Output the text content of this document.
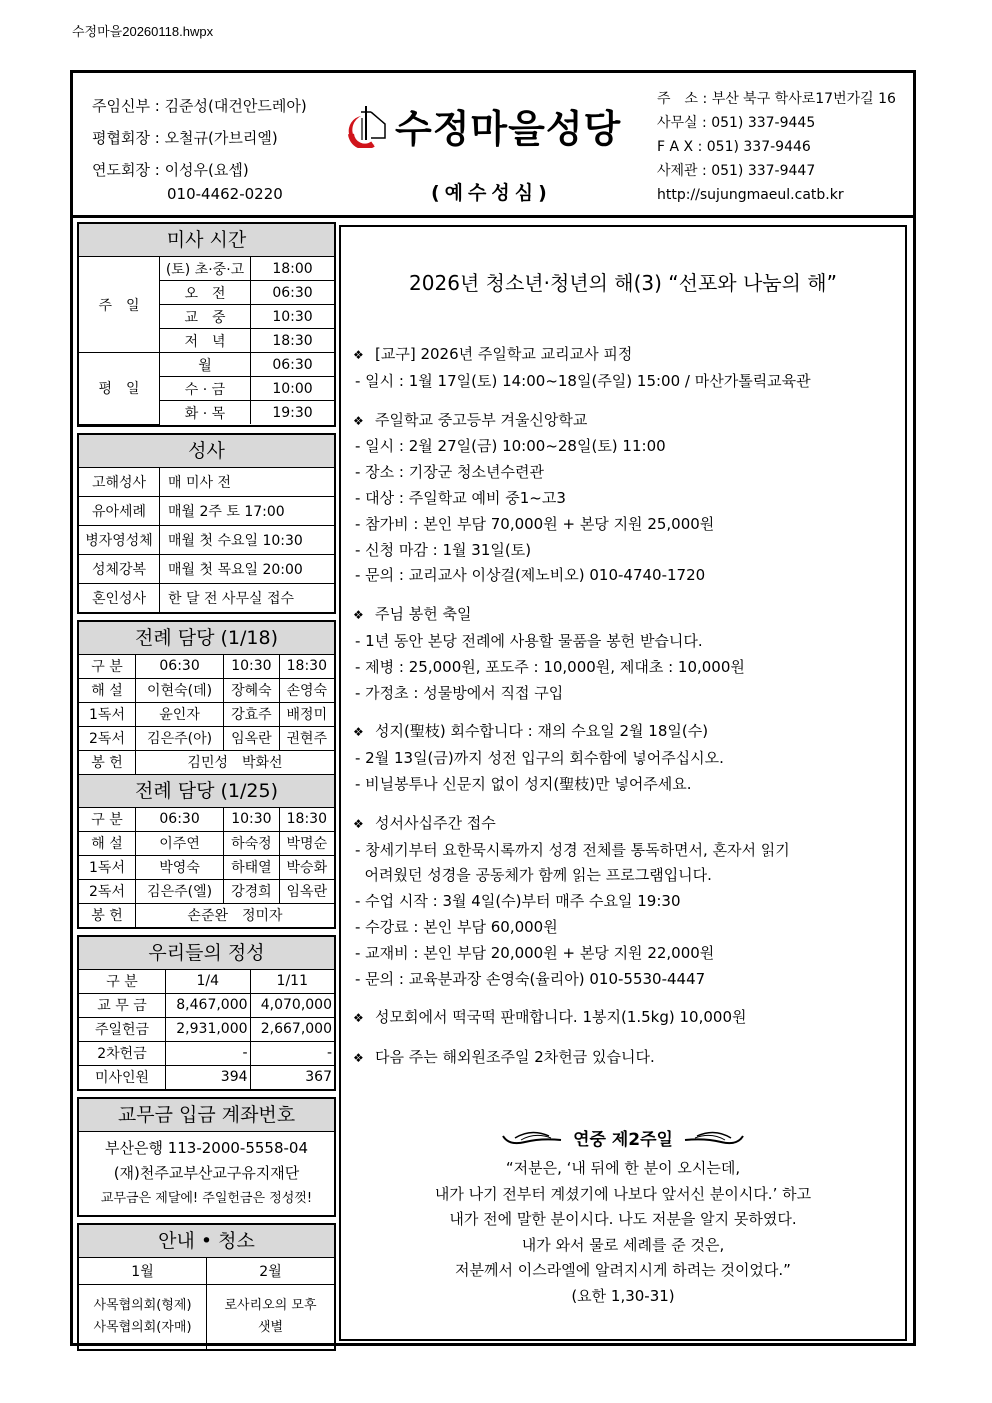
수정마을20260118.hwpx
주임신부 : 김준성(대건안드레아)
평협회장 : 오철규(가브리엘)
연도회장 : 이성우(요셉)
010-4462-0220
수정마을성당
(예수성심)
주　소 : 부산 북구 학사로17번가길 16
사무실 : 051) 337-9445
F A X : 051) 337-9446
사제관 : 051) 337-9447
http://sujungmaeul.catb.kr
미사 시간
주　일	(토) 초·중·고	18:00
	오　전	06:30
	교　중	10:30
	저　녁	18:30
평　일	월	06:30
	수 · 금	10:00
	화 · 목	19:30
성사
고해성사	매 미사 전
유아세례	매월 2주 토 17:00
병자영성체	매월 첫 수요일 10:30
성체강복	매월 첫 목요일 20:00
혼인성사	한 달 전 사무실 접수
전례 담당 (1/18)
구 분	06:30	10:30	18:30
해 설	이현숙(데)	장혜숙	손영숙
1독서	윤인자	강효주	배정미
2독서	김은주(아)	임옥란	권현주
봉 헌	김민성　박화선		
전례 담당 (1/25)
구 분	06:30	10:30	18:30
해 설	이주연	하숙정	박명순
1독서	박영숙	하태열	박승화
2독서	김은주(엘)	강경희	임옥란
봉 헌	손준완　정미자		
우리들의 정성
구 분	1/4	1/11
교 무 금	8,467,000	4,070,000
주일헌금	2,931,000	2,667,000
2차헌금	-	-
미사인원	394	367
교무금 입금 계좌번호
부산은행 113-2000-5558-04
(재)천주교부산교구유지재단
교무금은 제달에! 주일헌금은 정성껏!
안내 • 청소
1월	2월

사목협의회(형제)
사목협의회(자매)

로사리오의 모후
샛별
2026년 청소년·청년의 해(3) “선포와 나눔의 해”
❖ [교구] 2026년 주일학교 교리교사 피정
- 일시 : 1월 17일(토) 14:00~18일(주일) 15:00 / 마산가톨릭교육관
❖ 주일학교 중고등부 겨울신앙학교
- 일시 : 2월 27일(금) 10:00~28일(토) 11:00
- 장소 : 기장군 청소년수련관
- 대상 : 주일학교 예비 중1~고3
- 참가비 : 본인 부담 70,000원 + 본당 지원 25,000원
- 신청 마감 : 1월 31일(토)
- 문의 : 교리교사 이상걸(제노비오) 010-4740-1720
❖ 주님 봉헌 축일
- 1년 동안 본당 전례에 사용할 물품을 봉헌 받습니다.
- 제병 : 25,000원, 포도주 : 10,000원, 제대초 : 10,000원
- 가정초 : 성물방에서 직접 구입
❖ 성지(聖枝) 회수합니다 : 재의 수요일 2월 18일(수)
- 2월 13일(금)까지 성전 입구의 회수함에 넣어주십시오.
- 비닐봉투나 신문지 없이 성지(聖枝)만 넣어주세요.
❖ 성서사십주간 접수
- 창세기부터 요한묵시록까지 성경 전체를 통독하면서, 혼자서 읽기
어려웠던 성경을 공동체가 함께 읽는 프로그램입니다.
- 수업 시작 : 3월 4일(수)부터 매주 수요일 19:30
- 수강료 : 본인 부담 60,000원
- 교재비 : 본인 부담 20,000원 + 본당 지원 22,000원
- 문의 : 교육분과장 손영숙(율리아) 010-5530-4447
❖ 성모회에서 떡국떡 판매합니다. 1봉지(1.5kg) 10,000원
❖ 다음 주는 해외원조주일 2차헌금 있습니다.
연중 제2주일
“저분은, ‘내 뒤에 한 분이 오시는데,
내가 나기 전부터 계셨기에 나보다 앞서신 분이시다.’ 하고
내가 전에 말한 분이시다. 나도 저분을 알지 못하였다.
내가 와서 물로 세례를 준 것은,
저분께서 이스라엘에 알려지시게 하려는 것이었다.”
(요한 1,30-31)
